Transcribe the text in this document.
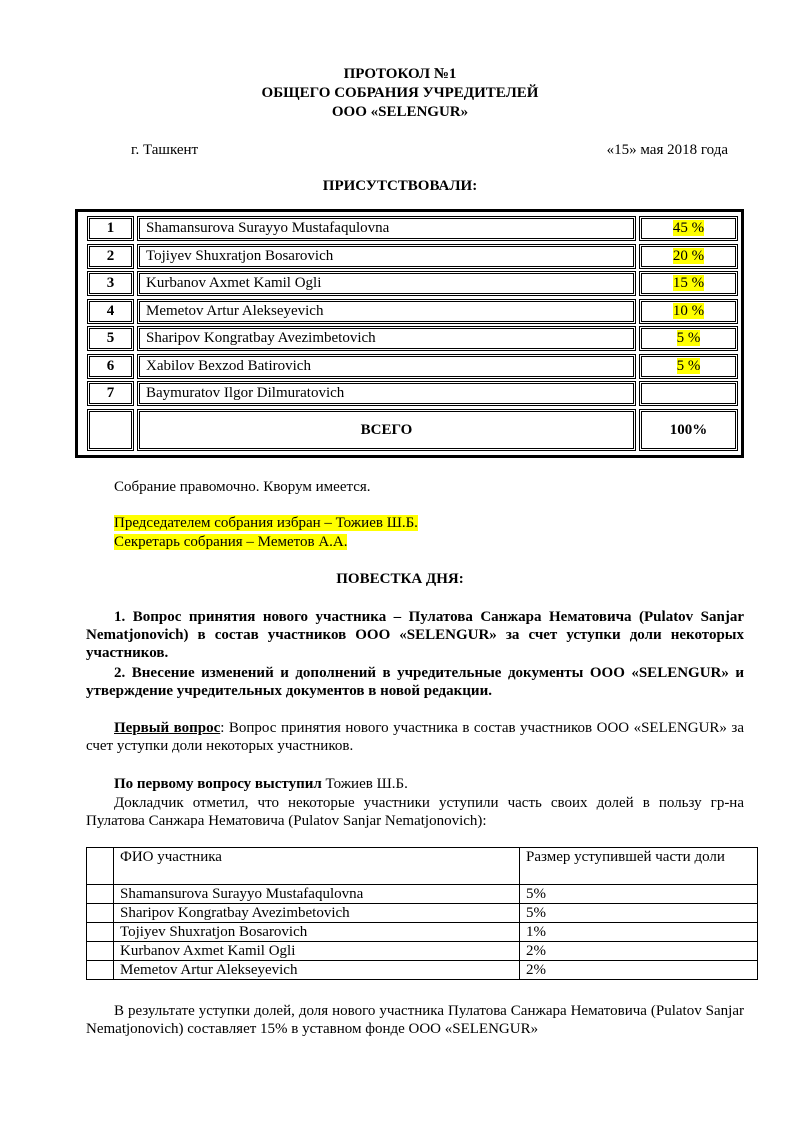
ПРОТОКОЛ №1
ОБЩЕГО СОБРАНИЯ УЧРЕДИТЕЛЕЙ
ООО «SELENGUR»
г. Ташкент	«15» мая 2018 года
ПРИСУТСТВОВАЛИ:
1	Shamansurova Surayyo Mustafaqulovna	45 %
2	Tojiyev Shuxratjon Bosarovich	20 %
3	Kurbanov Axmet Kamil Ogli	15 %
4	Memetov Artur Alekseyevich	10 %
5	Sharipov Kongratbay Avezimbetovich	5 %
6	Xabilov Bexzod Batirovich	5 %
7	Baymuratov Ilgor Dilmuratovich
ВСЕГО	100%
Собрание правомочно. Кворум имеется.
Председателем собрания избран – Тожиев Ш.Б.
Секретарь собрания – Меметов А.А.
ПОВЕСТКА ДНЯ:

1. Вопрос принятия нового участника – Пулатова Санжара Нематовича (Pulatov Sanjar Nematjonovich) в состав участников ООО «SELENGUR» за счет уступки доли некоторых участников.

2. Внесение изменений и дополнений в учредительные документы ООО «SELENGUR» и утверждение учредительных документов в новой редакции.

Первый вопрос: Вопрос принятия нового участника в состав участников ООО «SELENGUR» за счет уступки доли некоторых участников.

По первому вопросу выступил Тожиев Ш.Б.

Докладчик отметил, что некоторые участники уступили часть своих долей в пользу гр-на Пулатова Санжара Нематовича (Pulatov Sanjar Nematjonovich):

	ФИО участника	Размер уступившей части доли

	Shamansurova Surayyo Mustafaqulovna	5%
	Sharipov Kongratbay Avezimbetovich	5%
	Tojiyev Shuxratjon Bosarovich	1%
	Kurbanov Axmet Kamil Ogli	2%
	Memetov Artur Alekseyevich	2%

В результате уступки долей, доля нового участника Пулатова Санжара Нематовича (Pulatov Sanjar Nematjonovich) составляет 15% в уставном фонде ООО «SELENGUR»
